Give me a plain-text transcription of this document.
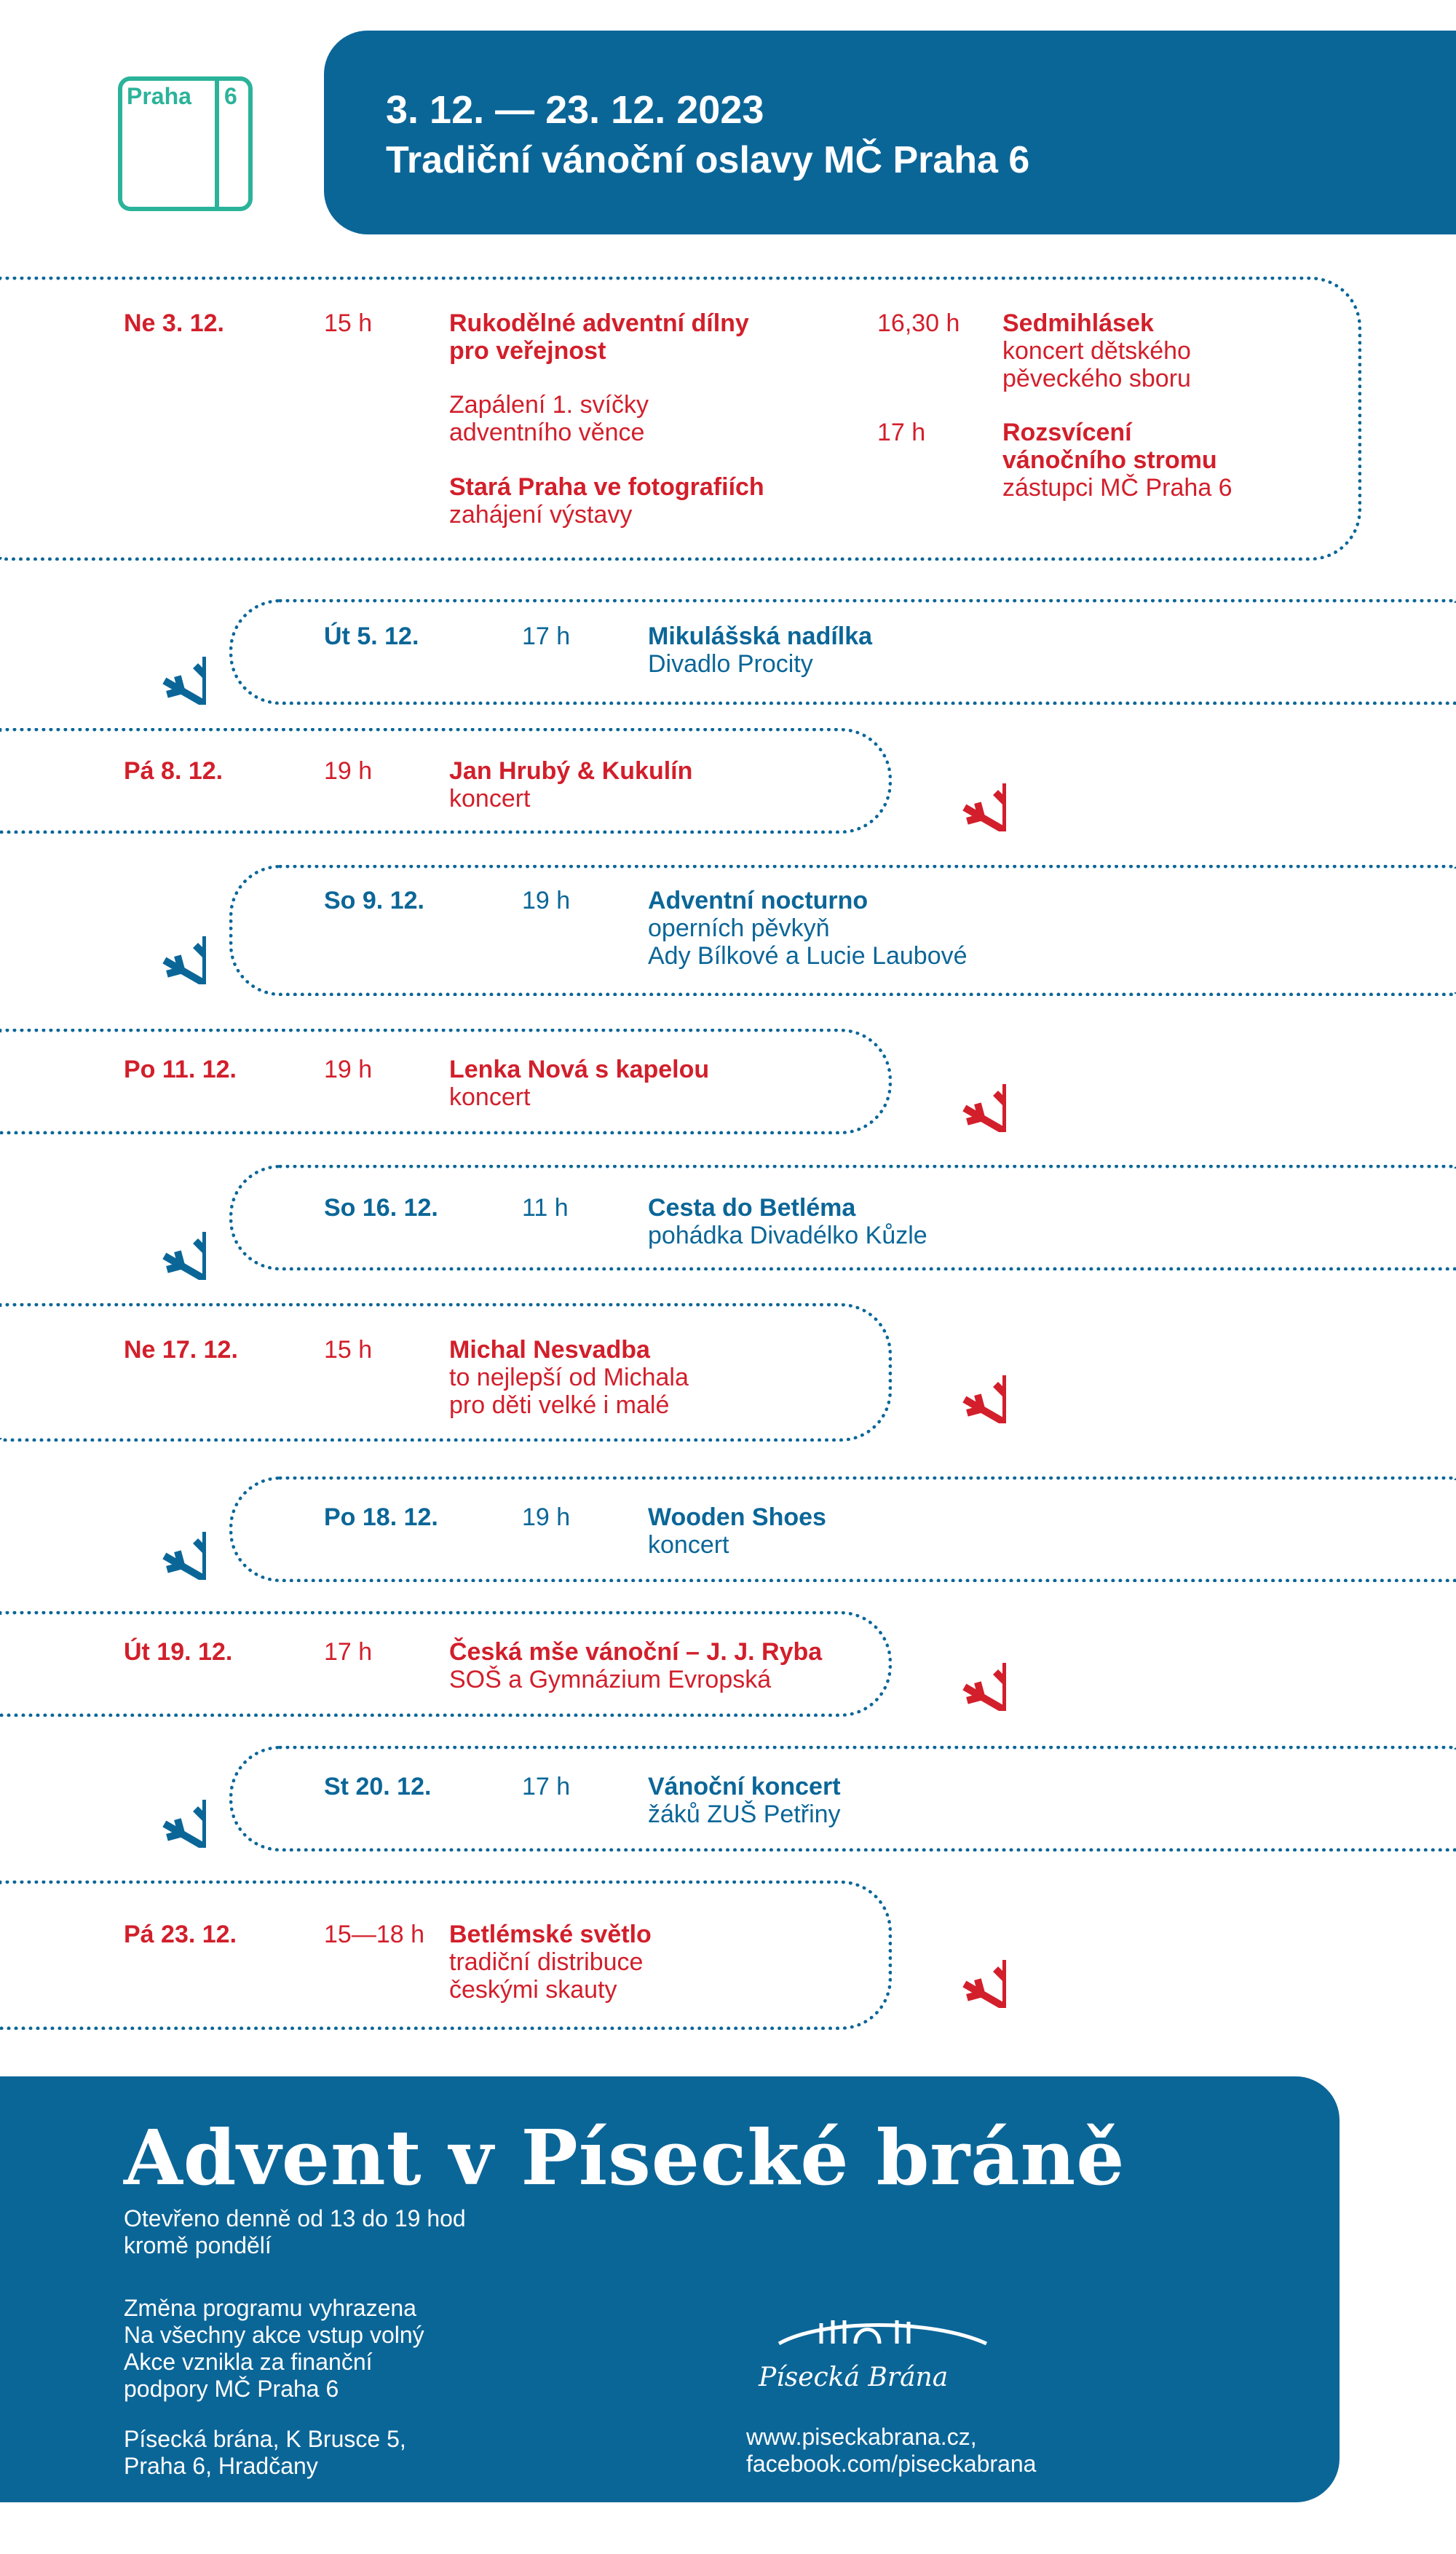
Praha 6	3. 12. — 23. 12. 2023
Tradiční vánoční oslavy MČ Praha 6
Ne 3. 12.	15 h	Rukodělné adventní dílny
pro veřejnost
Zapálení 1. svíčky
adventního věnce
Stará Praha ve fotografiích
zahájení výstavy
16,30 h Sedmihlásek
koncert dětského
pěveckého sboru
17 h	Rozsvícení
vánočního stromu
zástupci MČ Praha 6
Út 5. 12.	17 h	Mikulášská nadílka
Divadlo Procity
Pá 8. 12.	19 h	Jan Hrubý & Kukulín
koncert
So 9. 12.	19 h	Adventní nocturno
operních pěvkyň
Ady Bílkové a Lucie Laubové
Po 11. 12.	19 h	Lenka Nová s kapelou
koncert
So 16. 12.	11 h	Cesta do Betléma
pohádka Divadélko Kůzle
Ne 17. 12.	15 h	Michal Nesvadba
to nejlepší od Michala
pro děti velké i malé
Po 18. 12.	19 h	Wooden Shoes
koncert
Út 19. 12.	17 h	Česká mše vánoční – J. J. Ryba
SOŠ a Gymnázium Evropská
St 20. 12.	17 h	Vánoční koncert
žáků ZUŠ Petřiny
Pá 23. 12.	15—18 h Betlémské světlo
tradiční distribuce
českými skauty
Advent v Písecké bráně
Otevřeno denně od 13 do 19 hod
kromě pondělí
Změna programu vyhrazena
Na všechny akce vstup volný
Akce vznikla za finanční
podpory MČ Praha 6
Písecká brána, K Brusce 5,
Praha 6, Hradčany
Písecká Brána
www.piseckabrana.cz,
facebook.com/piseckabrana
